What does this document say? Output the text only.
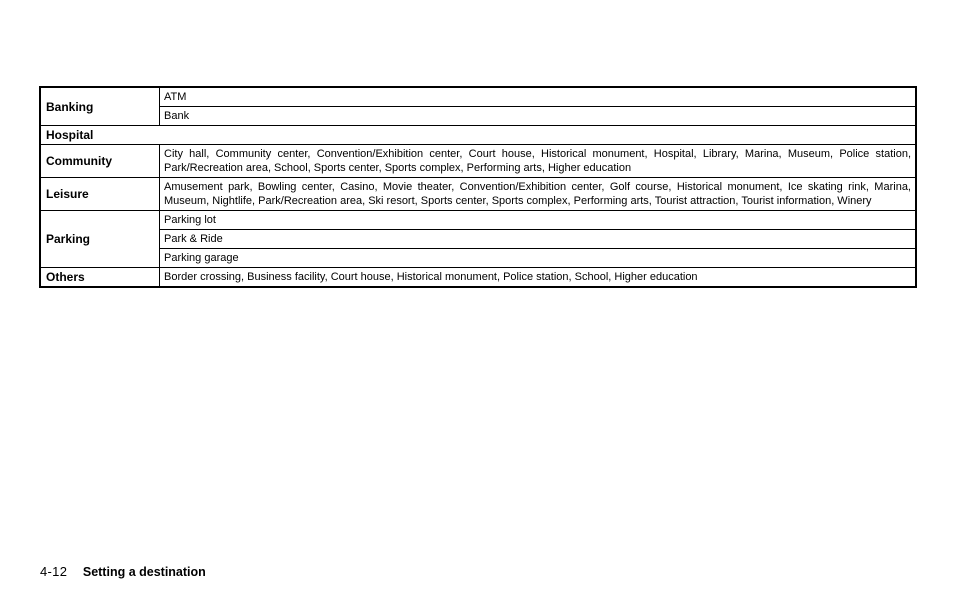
Banking	ATM
	Bank
Hospital	
Community	City hall, Community center, Convention/Exhibition center, Court house, Historical monument, Hospital, Library, Marina, Museum, Police station, Park/Recreation area, School, Sports center, Sports complex, Performing arts, Higher education
Leisure	Amusement park, Bowling center, Casino, Movie theater, Convention/Exhibition center, Golf course, Historical monument, Ice skating rink, Marina, Museum, Nightlife, Park/Recreation area, Ski resort, Sports center, Sports complex, Performing arts, Tourist attraction, Tourist information, Winery
Parking	Parking lot
	Park & Ride
	Parking garage
Others	Border crossing, Business facility, Court house, Historical monument, Police station, School, Higher education
4-12 Setting a destination
